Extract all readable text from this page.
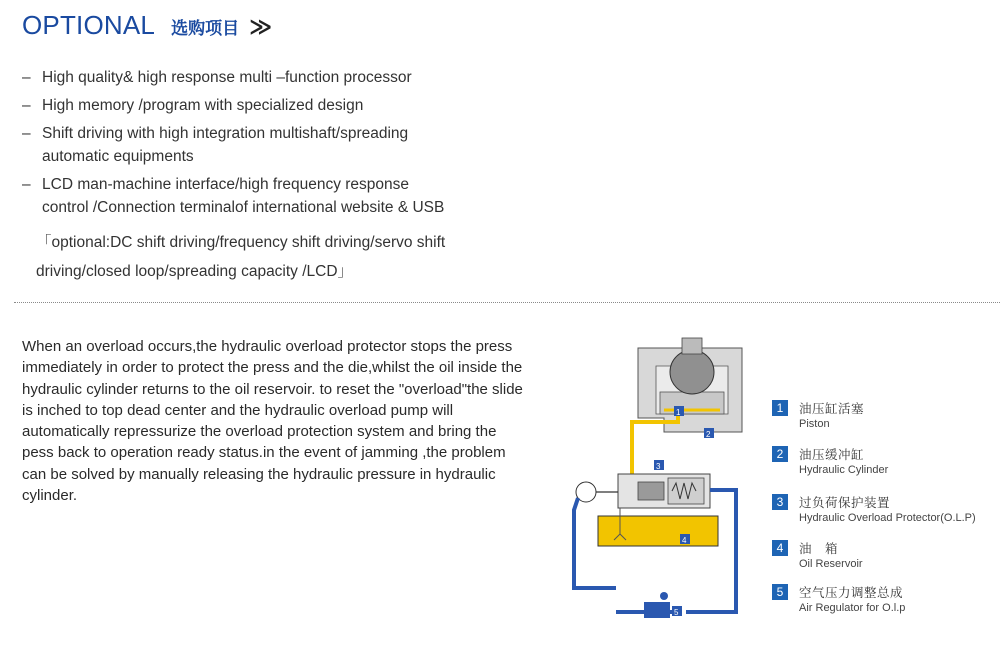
OPTIONAL 选购项目 ≫
– High quality& high response multi –function processor
– High memory /program with specialized design
– Shift driving with high integration multishaft/spreading
automatic equipments
– LCD man-machine interface/high frequency response
control /Connection terminalof international website & USB
「optional:DC shift driving/frequency shift driving/servo shift
driving/closed loop/spreading capacity /LCD」
When an overload occurs,the hydraulic overload protector stops the press immediately in order to protect the press and the die,whilst the oil inside the hydraulic cylinder returns to the oil reservoir. to reset the "overload"the slide is inched to top dead center and the hydraulic overload pump will automatically repressurize the overload protection system and bring the pess back to operation ready status.in the event of jamming ,the problem can be solved by manually releasing the hydraulic pressure in hydraulic cylinder.
1
2
3
4
5
1	油压缸活塞
Piston
2	油压缓冲缸
Hydraulic Cylinder
3	过负荷保护装置
Hydraulic Overload Protector(O.L.P)
4	油　箱
Oil Reservoir
5	空气压力调整总成
Air Regulator for O.l.p
